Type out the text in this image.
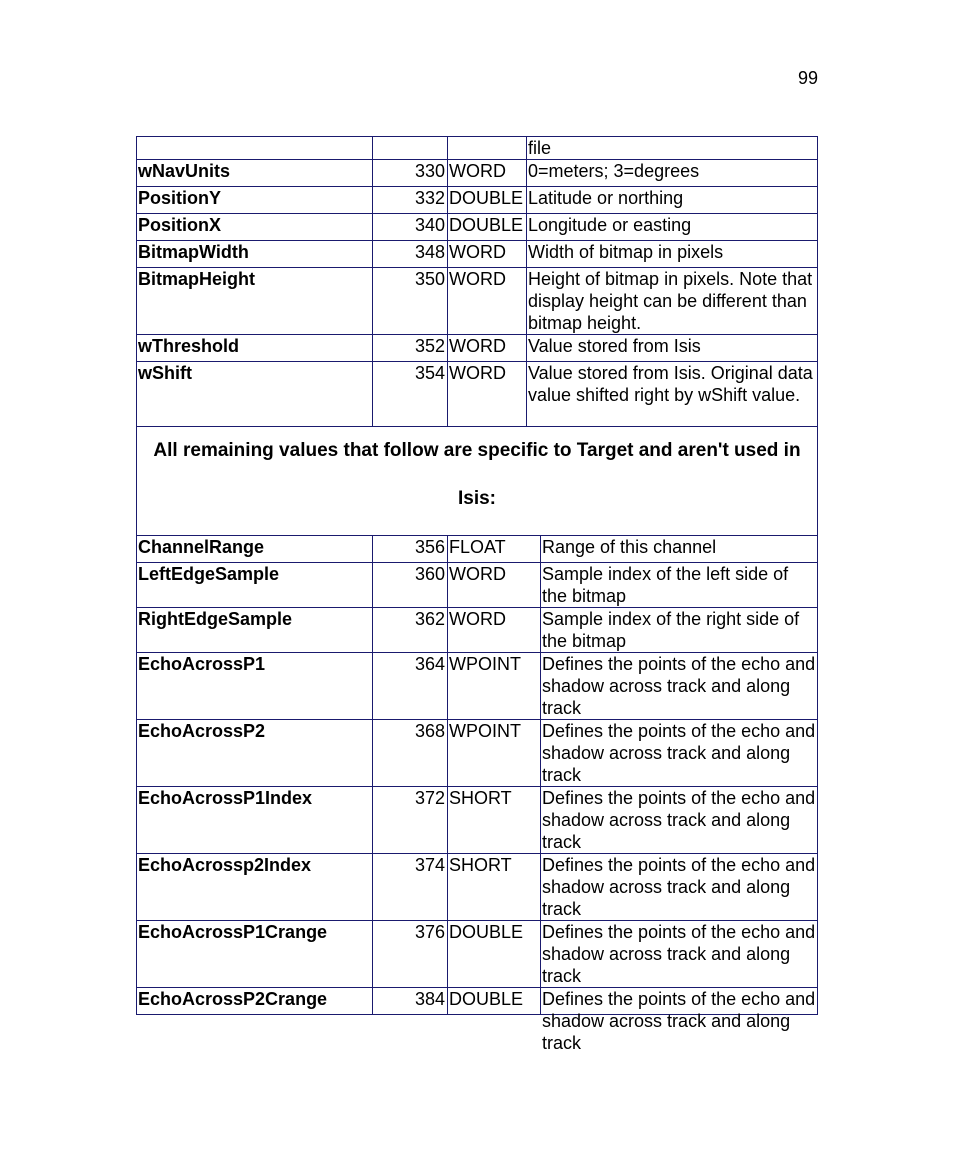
99
			file	
wNavUnits	330	WORD	0=meters; 3=degrees	
PositionY	332	DOUBLE	Latitude or northing	
PositionX	340	DOUBLE	Longitude or easting	
BitmapWidth	348	WORD	Width of bitmap in pixels	
BitmapHeight	350	WORD	Height of bitmap in pixels. Note that display height can be different than bitmap height.	
wThreshold	352	WORD	Value stored from Isis	
wShift	354	WORD	Value stored from Isis. Original data value shifted right by wShift value.	
All remaining values that follow are specific to Target and aren't used in Isis:				
ChannelRange	356	FLOAT		Range of this channel
LeftEdgeSample	360	WORD		Sample index of the left side of the bitmap
RightEdgeSample	362	WORD		Sample index of the right side of the bitmap
EchoAcrossP1	364	WPOINT		Defines the points of the echo and shadow across track and along track
EchoAcrossP2	368	WPOINT		Defines the points of the echo and shadow across track and along track
EchoAcrossP1Index	372	SHORT		Defines the points of the echo and shadow across track and along track
EchoAcrossp2Index	374	SHORT		Defines the points of the echo and shadow across track and along track
EchoAcrossP1Crange	376	DOUBLE		Defines the points of the echo and shadow across track and along track
EchoAcrossP2Crange	384	DOUBLE		Defines the points of the echo and shadow across track and along track
